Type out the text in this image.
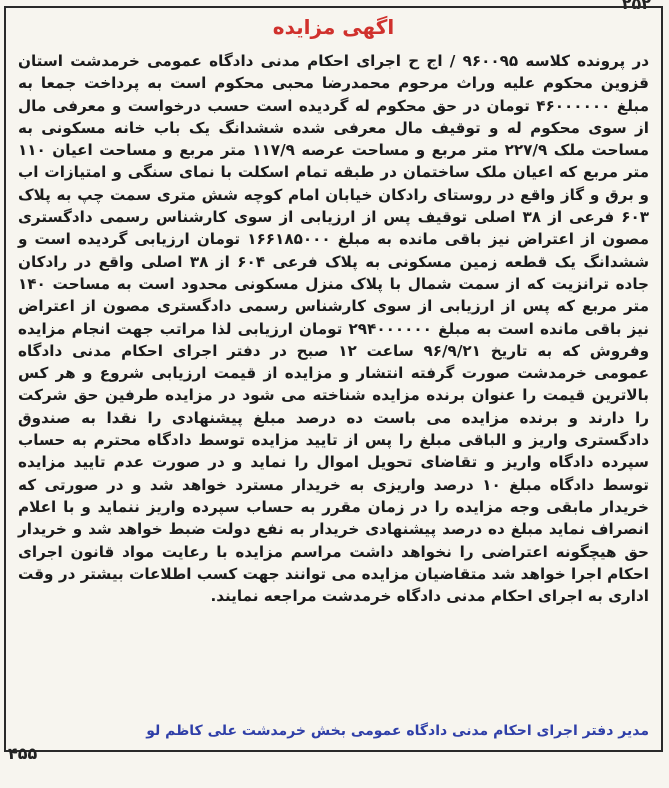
۲۵۲
اگهی مزایده

در پرونده کلاسه ۹۶۰۰۹۵ / اج ح اجرای احکام مدنی دادگاه عمومی خرمدشت استان قزوین محکوم علیه وراث مرحوم محمدرضا محبی محکوم است به پرداخت جمعا به مبلغ ۴۶۰۰۰۰۰۰ تومان در حق محکوم له گردیده است حسب درخواست و معرفی مال از سوی محکوم له و توقیف مال معرفی شده ششدانگ یک باب خانه مسکونی به مساحت ملک ۲۲۷/۹ متر مربع و مساحت عرصه ۱۱۷/۹ متر مربع و مساحت اعیان ۱۱۰ متر مربع که اعیان ملک ساختمان در طبقه تمام اسکلت با نمای سنگی و امتیازات اب و برق و گاز واقع در روستای رادکان خیابان امام کوچه شش متری سمت چپ به پلاک ۶۰۳ فرعی از ۳۸ اصلی توقیف پس از ارزیابی از سوی کارشناس رسمی دادگستری مصون از اعتراض نیز باقی مانده به مبلغ ۱۶۶۱۸۵۰۰۰ تومان ارزیابی گردیده است و ششدانگ یک قطعه زمین مسکونی به پلاک فرعی ۶۰۴ از ۳۸ اصلی واقع در رادکان جاده ترانزیت که از سمت شمال با پلاک منزل مسکونی محدود است به مساحت ۱۴۰ متر مربع که پس از ارزیابی از سوی کارشناس رسمی دادگستری مصون از اعتراض نیز باقی مانده است به مبلغ ۲۹۴۰۰۰۰۰۰ تومان ارزیابی لذا مراتب جهت انجام مزایده وفروش که به تاریخ ۹۶/۹/۲۱ ساعت ۱۲ صبح در دفتر اجرای احکام مدنی دادگاه عمومی خرمدشت صورت گرفته انتشار و مزایده از قیمت ارزیابی شروع و هر کس بالاترین قیمت را عنوان برنده مزایده شناخته می شود در مزایده طرفین حق شرکت را دارند و برنده مزایده می باست ده درصد مبلغ پیشنهادی را نقدا به صندوق دادگستری واریز و الباقی مبلغ را پس از تایید مزایده توسط دادگاه محترم به حساب سپرده دادگاه واریز و تقاضای تحویل اموال را نماید و در صورت عدم تایید مزایده توسط دادگاه مبلغ ۱۰ درصد واریزی به خریدار مسترد خواهد شد و در صورتی که خریدار مابقی وجه مزایده را در زمان مقرر به حساب سپرده واریز ننماید و با اعلام انصراف نماید مبلغ ده درصد پیشنهادی خریدار به نفع دولت ضبط خواهد شد و خریدار حق هیچگونه اعتراضی را نخواهد داشت مراسم مزایده با رعایت مواد قانون اجرای احکام اجرا خواهد شد متقاضیان مزایده می توانند جهت کسب اطلاعات بیشتر در وقت اداری به اجرای احکام مدنی دادگاه خرمدشت مراجعه نمایند.

مدیر دفتر اجرای احکام مدنی دادگاه عمومی بخش خرمدشت علی کاظم لو
۴۵۵
